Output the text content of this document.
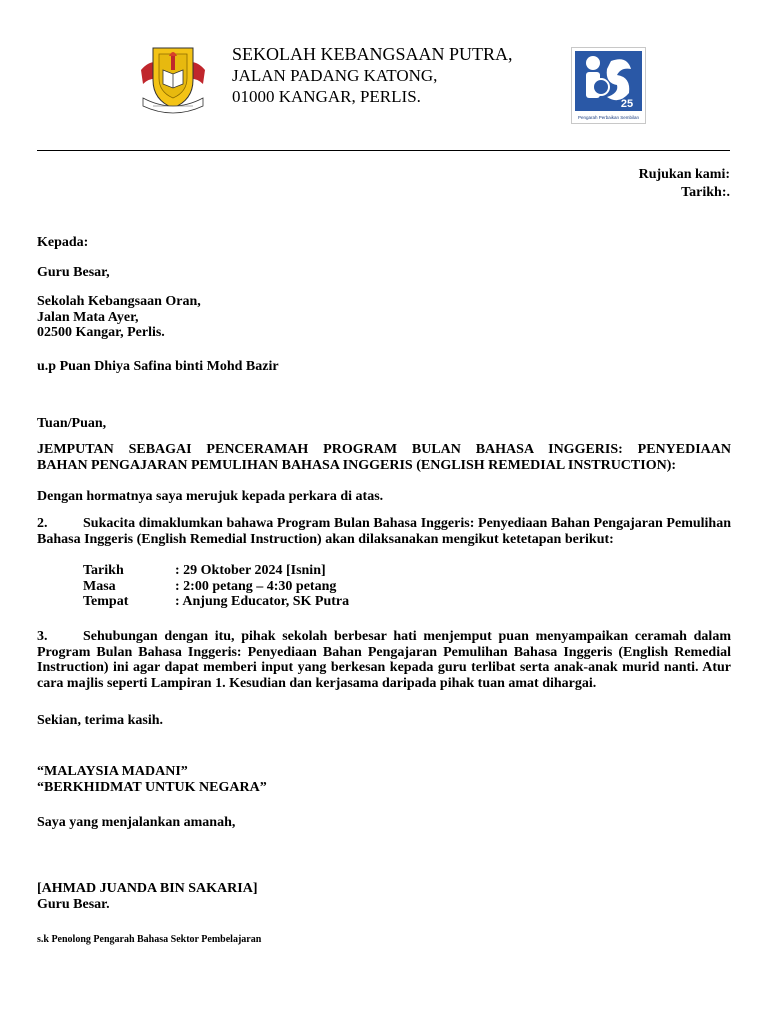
SEKOLAH KEBANGSAAN PUTRA,
JALAN PADANG KATONG,
01000 KANGAR, PERLIS.	25
Pengarah Perbaikan Sembilan
Rujukan kami:
Tarikh:.
Kepada:
Guru Besar,
Sekolah Kebangsaan Oran,
Jalan Mata Ayer,
02500 Kangar, Perlis.
u.p Puan Dhiya Safina binti Mohd Bazir
Tuan/Puan,
JEMPUTAN SEBAGAI PENCERAMAH PROGRAM BULAN BAHASA INGGERIS: PENYEDIAAN
BAHAN PENGAJARAN PEMULIHAN BAHASA INGGERIS (ENGLISH REMEDIAL INSTRUCTION):
Dengan hormatnya saya merujuk kepada perkara di atas.
2.	Sukacita dimaklumkan bahawa Program Bulan Bahasa Inggeris: Penyediaan Bahan Pengajaran Pemulihan Bahasa Inggeris (English Remedial Instruction) akan dilaksanakan mengikut ketetapan berikut:
Tarikh	: 29 Oktober 2024 [Isnin]
Masa	: 2:00 petang – 4:30 petang
Tempat	: Anjung Educator, SK Putra
3.	Sehubungan dengan itu, pihak sekolah berbesar hati menjemput puan menyampaikan ceramah dalam Program Bulan Bahasa Inggeris: Penyediaan Bahan Pengajaran Pemulihan Bahasa Inggeris (English Remedial Instruction) ini agar dapat memberi input yang berkesan kepada guru terlibat serta anak-anak murid nanti. Atur cara majlis seperti Lampiran 1. Kesudian dan kerjasama daripada pihak tuan amat dihargai.
Sekian, terima kasih.
“MALAYSIA MADANI”
“BERKHIDMAT UNTUK NEGARA”
Saya yang menjalankan amanah,
[AHMAD JUANDA BIN SAKARIA]
Guru Besar.
s.k Penolong Pengarah Bahasa Sektor Pembelajaran
